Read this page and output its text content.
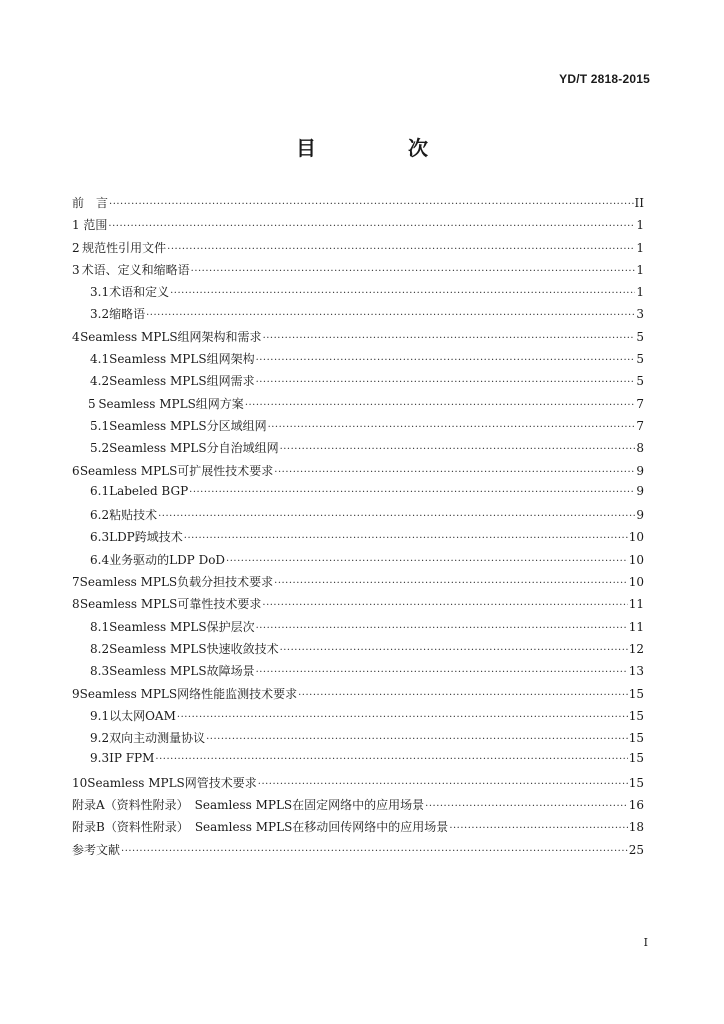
YD/T 2818-2015
目　次
前　言 ·····	II
1 范围 ·····	1
2 规范性引用文件 ·····	1
3 术语、定义和缩略语 ·····	1
3.1 术语和定义 ·····	1
3.2 缩略语 ·····	3
4 Seamless MPLS组网架构和需求 ·····	5
4.1 Seamless MPLS组网架构 ·····	5
4.2 Seamless MPLS组网需求 ·····	5
5 Seamless MPLS组网方案 ·····	7
5.1 Seamless MPLS分区域组网 ·····	7
5.2 Seamless MPLS分自治域组网 ·····	8
6 Seamless MPLS可扩展性技术要求 ·····	9
6.1 Labeled BGP ·····	9
6.2 粘贴技术 ·····	9
6.3 LDP跨域技术 ·····	10
6.4 业务驱动的LDP DoD ·····	10
7 Seamless MPLS负载分担技术要求 ·····	10
8 Seamless MPLS可靠性技术要求 ·····	11
8.1 Seamless MPLS保护层次 ·····	11
8.2 Seamless MPLS快速收敛技术 ·····	12
8.3 Seamless MPLS故障场景 ·····	13
9 Seamless MPLS网络性能监测技术要求 ·····	15
9.1 以太网OAM ·····	15
9.2 双向主动测量协议 ·····	15
9.3 IP FPM ·····	15
10 Seamless MPLS网管技术要求 ·····	15
附录A（资料性附录）　Seamless MPLS在固定网络中的应用场景 ·····	16
附录B（资料性附录）　Seamless MPLS在移动回传网络中的应用场景 ·····	18
参考文献 ·····	25
I
